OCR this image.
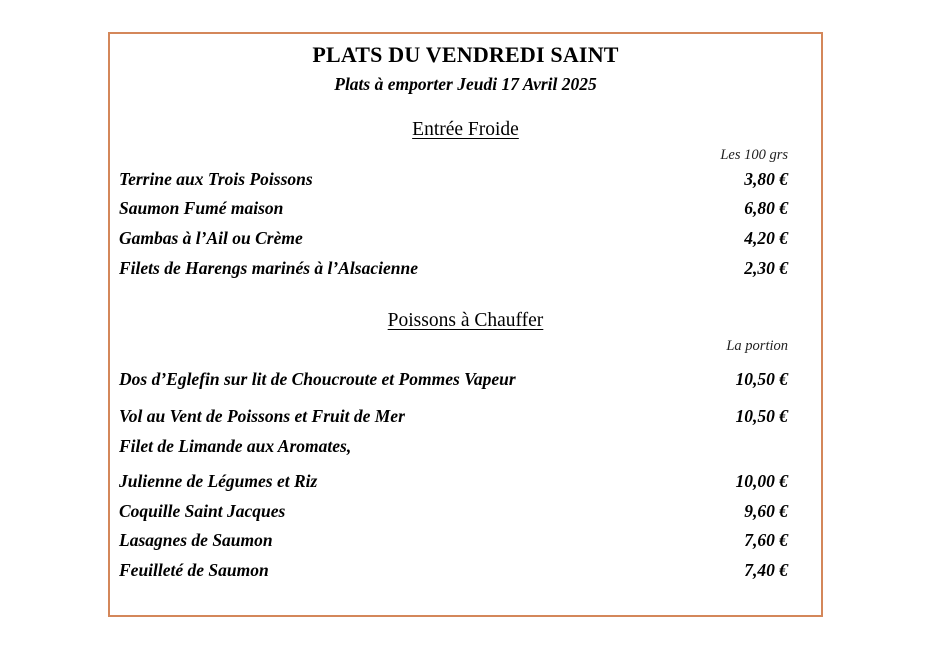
PLATS DU VENDREDI SAINT
Plats à emporter Jeudi 17 Avril 2025
Entrée Froide
Les 100 grs
Terrine aux Trois Poissons	3,80 €
Saumon Fumé maison	6,80 €
Gambas à l’Ail ou Crème	4,20 €
Filets de Harengs marinés à l’Alsacienne	2,30 €
Poissons à Chauffer
La portion
Dos d’Eglefin sur lit de Choucroute et Pommes Vapeur	10,50 €
Vol au Vent de Poissons et Fruit de Mer	10,50 €
Filet de Limande aux Aromates,
Julienne de Légumes et Riz	10,00 €
Coquille Saint Jacques	9,60 €
Lasagnes de Saumon	7,60 €
Feuilleté de Saumon	7,40 €
